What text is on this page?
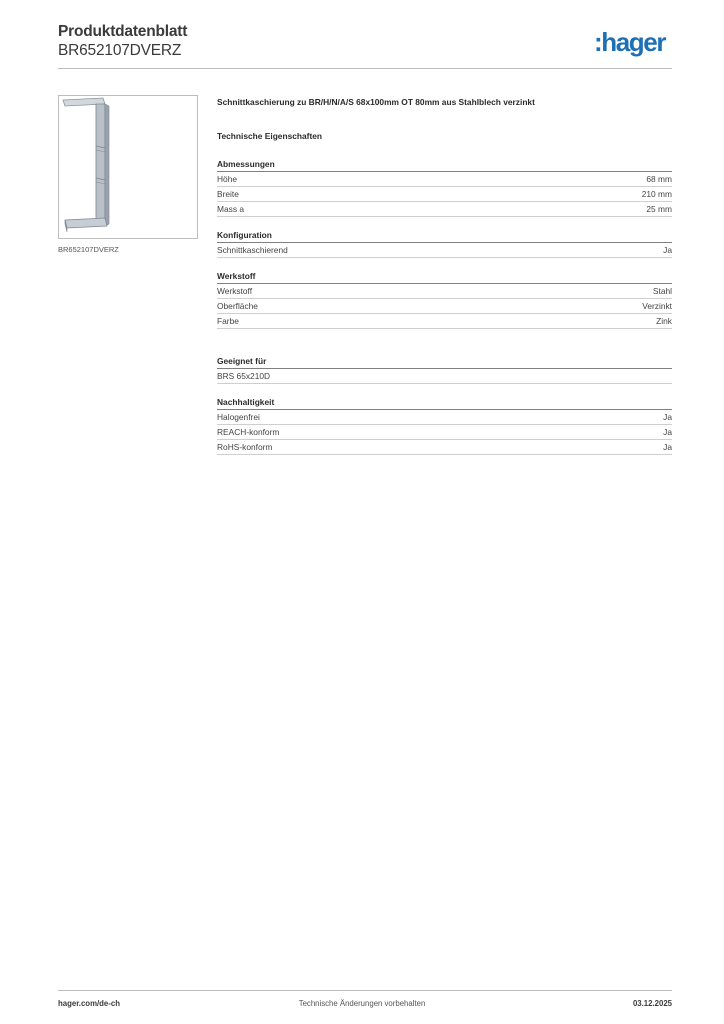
Produktdatenblatt
BR652107DVERZ	:hager
BR652107DVERZ
Schnittkaschierung zu BR/H/N/A/S 68x100mm OT 80mm aus Stahlblech verzinkt
Technische Eigenschaften
Abmessungen
Höhe	68 mm
Breite	210 mm
Mass a	25 mm
Konfiguration
Schnittkaschierend	Ja
Werkstoff
Werkstoff	Stahl
Oberfläche	Verzinkt
Farbe	Zink
Geeignet für
BRS 65x210D
Nachhaltigkeit
Halogenfrei	Ja
REACH-konform	Ja
RoHS-konform	Ja
hager.com/de-ch	Technische Änderungen vorbehalten	03.12.2025
